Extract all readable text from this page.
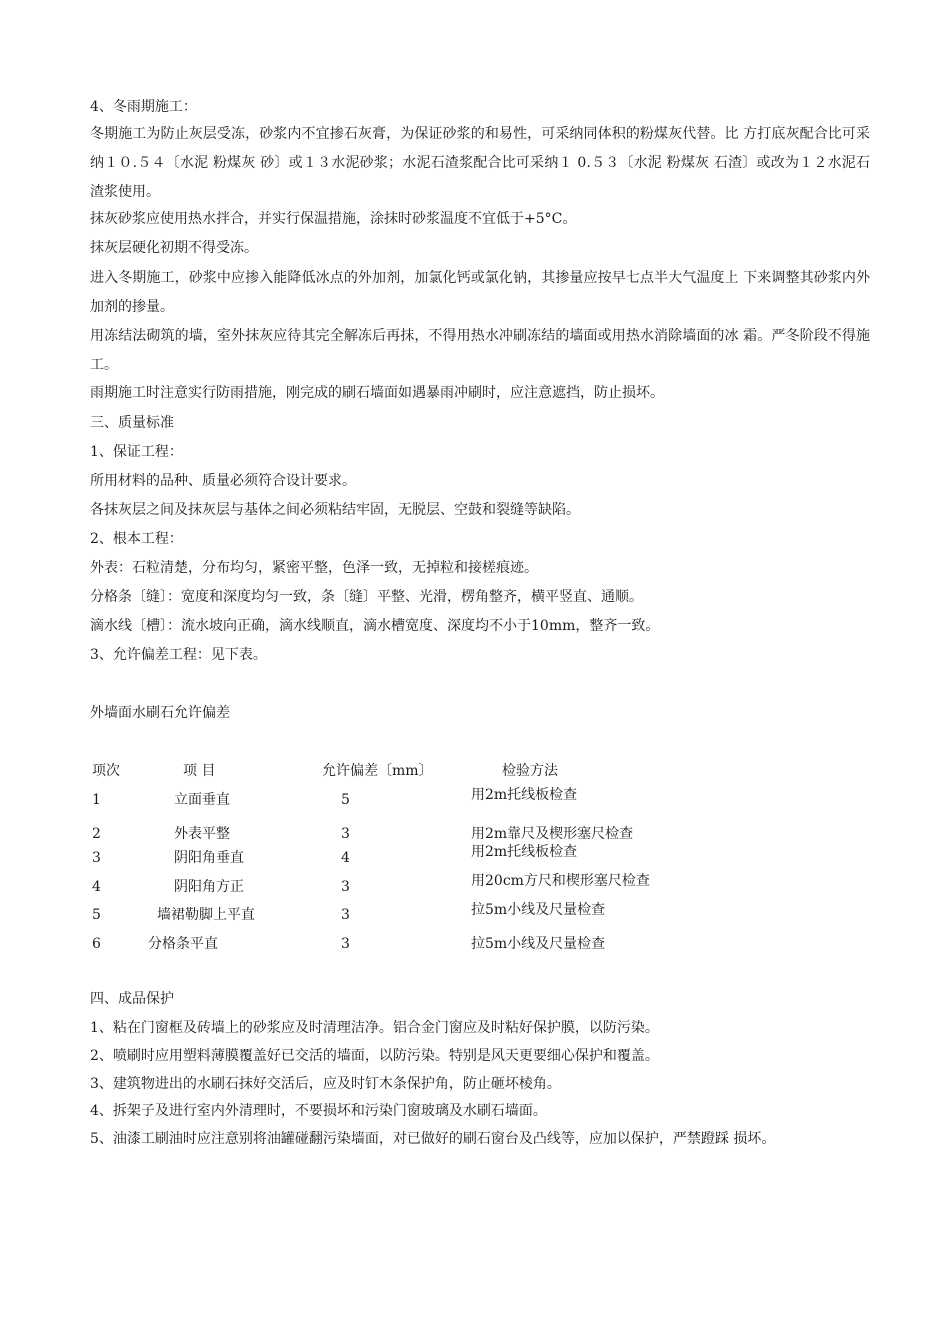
4、冬雨期施工：
冬期施工为防止灰层受冻，砂浆内不宜掺石灰膏，为保证砂浆的和易性，可采纳同体积的粉煤灰代替。比 方打底灰配合比可采纳１０.５４〔水泥 粉煤灰 砂〕或１３水泥砂浆；水泥石渣浆配合比可采纳１ 0.５３〔水泥 粉煤灰 石渣〕或改为１２水泥石渣浆使用。
抹灰砂浆应使用热水拌合，并实行保温措施，涂抹时砂浆温度不宜低于+5°C。
抹灰层硬化初期不得受冻。
进入冬期施工，砂浆中应掺入能降低冰点的外加剂，加氯化钙或氯化钠，其掺量应按早七点半大气温度上 下来调整其砂浆内外加剂的掺量。
用冻结法砌筑的墙，室外抹灰应待其完全解冻后再抹，不得用热水冲刷冻结的墙面或用热水消除墙面的冰 霜。严冬阶段不得施工。
雨期施工时注意实行防雨措施，刚完成的刷石墙面如遇暴雨冲刷时，应注意遮挡，防止损坏。
三、质量标准
1、保证工程：
所用材料的品种、质量必须符合设计要求。
各抹灰层之间及抹灰层与基体之间必须粘结牢固，无脱层、空鼓和裂缝等缺陷。
2、根本工程：
外表：石粒清楚，分布均匀，紧密平整，色泽一致，无掉粒和接槎痕迹。
分格条〔缝〕：宽度和深度均匀一致，条〔缝〕平整、光滑，楞角整齐，横平竖直、通顺。
滴水线〔槽〕：流水坡向正确，滴水线顺直，滴水槽宽度、深度均不小于10mm，整齐一致。
3、允许偏差工程：见下表。
外墙面水刷石允许偏差
项次	项 目	允许偏差〔mm〕	检验方法
1	立面垂直	5	用2m托线板检查
2	外表平整	3	用2m靠尺及楔形塞尺检查
3	阴阳角垂直	4	用2m托线板检查
4	阴阳角方正	3	用20cm方尺和楔形塞尺检查
5	墙裙勒脚上平直	3	拉5m小线及尺量检查
6	分格条平直	3	拉5m小线及尺量检查
四、成品保护
1、粘在门窗框及砖墙上的砂浆应及时清理洁净。铝合金门窗应及时粘好保护膜，以防污染。
2、喷刷时应用塑料薄膜覆盖好已交活的墙面，以防污染。特别是风天更要细心保护和覆盖。
3、建筑物进出的水刷石抹好交活后，应及时钉木条保护角，防止砸坏棱角。
4、拆架子及进行室内外清理时，不要损坏和污染门窗玻璃及水刷石墙面。
5、油漆工刷油时应注意别将油罐碰翻污染墙面，对已做好的刷石窗台及凸线等，应加以保护，严禁蹬踩 损坏。
